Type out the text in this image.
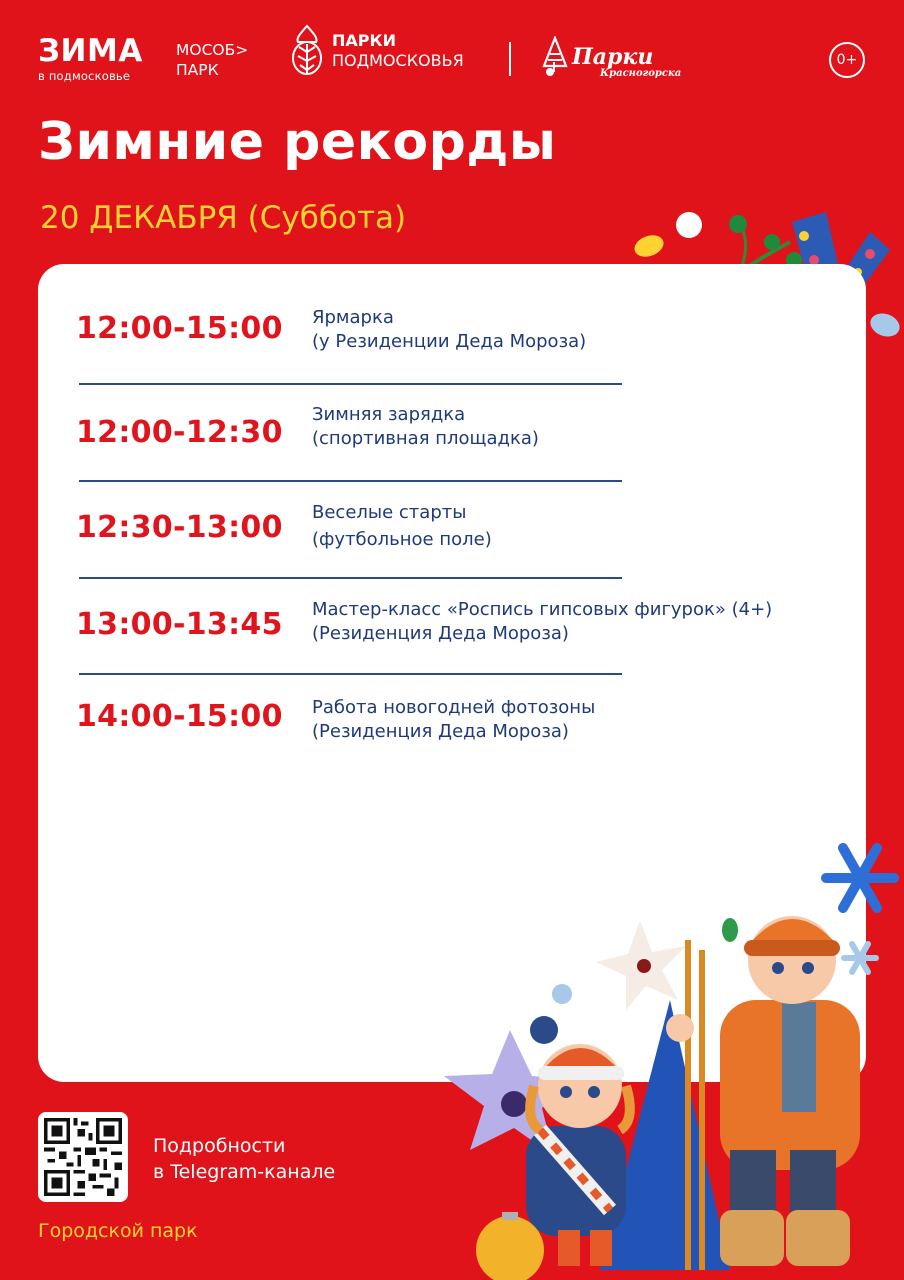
ЗИМА
в подмосковье
МОСОБ>
ПАРК
ПАРКИ
ПОДМОСКОВЬЯ	Парки
Красногорска
0+
Зимние рекорды
20 ДЕКАБРЯ (Суббота)
12:00-15:00 Ярмарка
(у Резиденции Деда Мороза)
12:00-12:30
Зимняя зарядка
(спортивная площадка)
12:30-13:00 Веселые старты
(футбольное поле)
13:00-13:45 Мастер-класс «Роспись гипсовых фигурок» (4+)
(Резиденция Деда Мороза)
14:00-15:00 Работа новогодней фотозоны
(Резиденция Деда Мороза)
Подробности
в Telegram-канале
Городской парк
